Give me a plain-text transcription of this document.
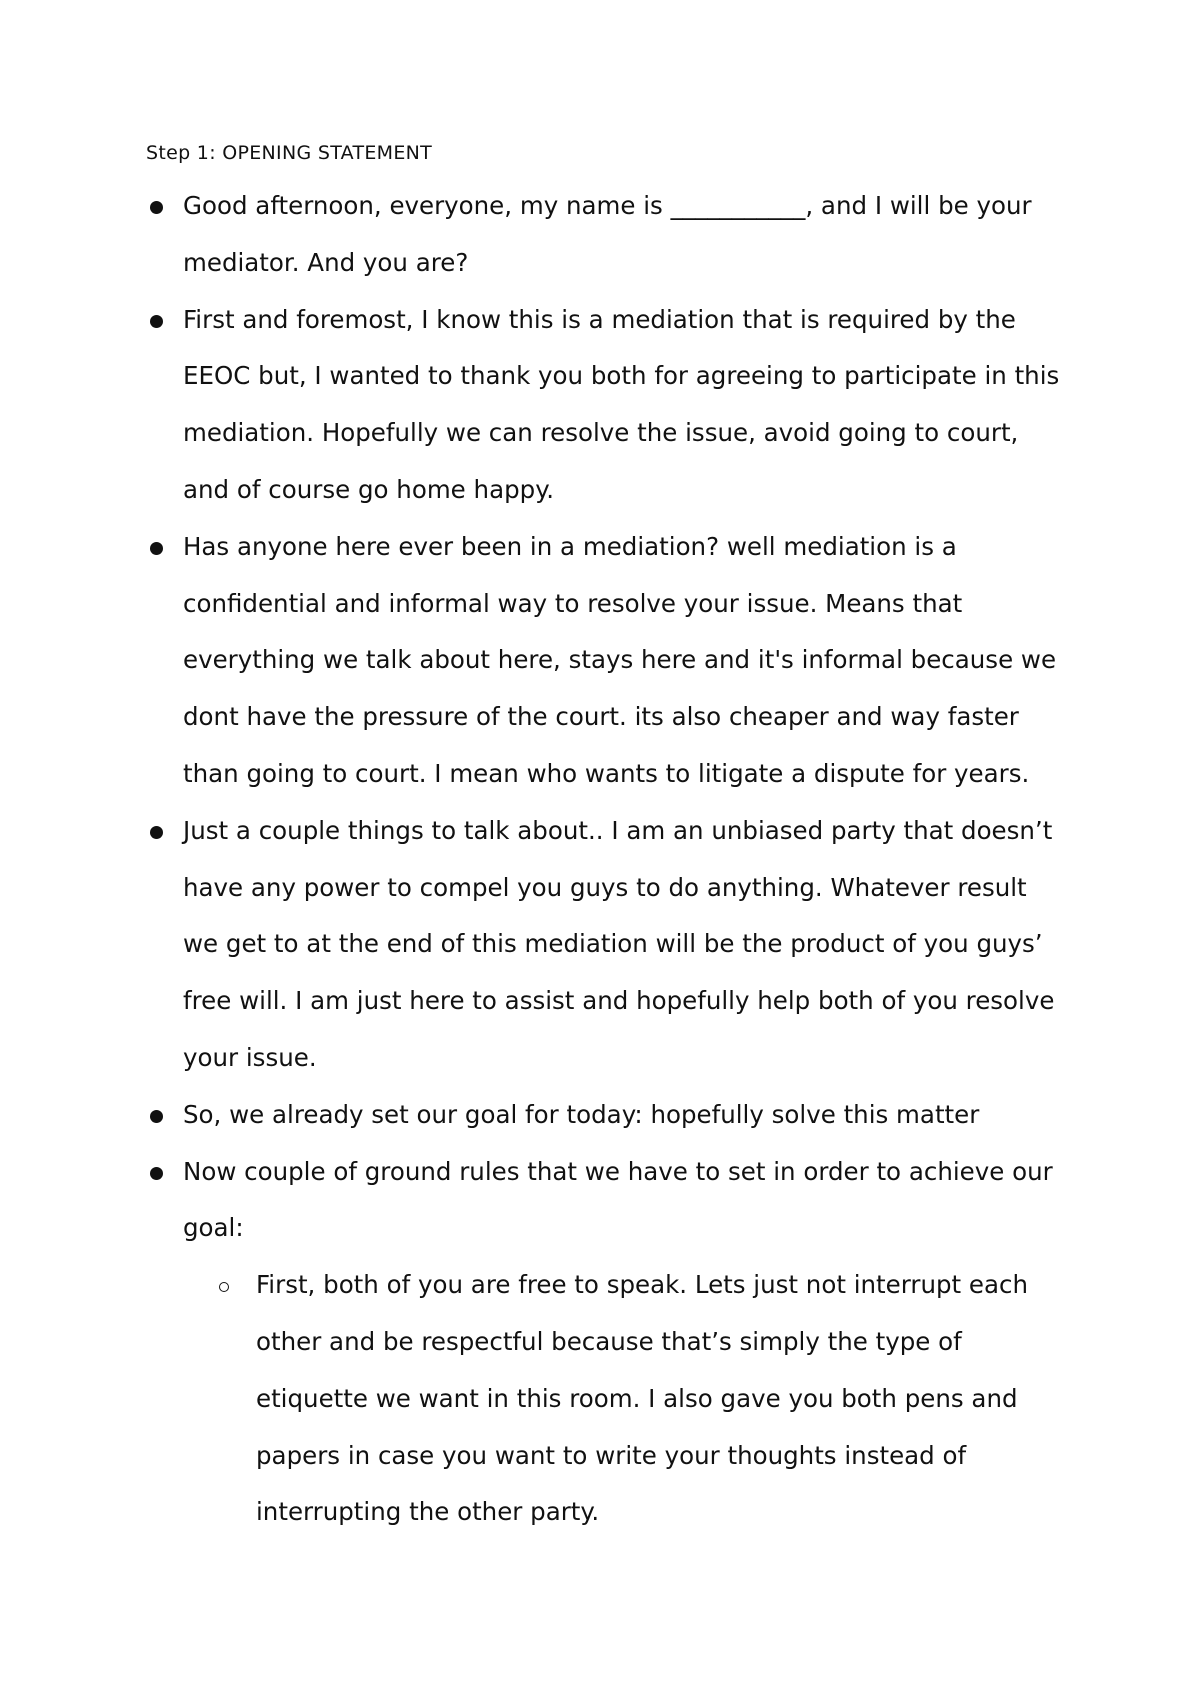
Step 1: OPENING STATEMENT
Good afternoon, everyone, my name is ___________, and I will be your
mediator. And you are?
First and foremost, I know this is a mediation that is required by the
EEOC but, I wanted to thank you both for agreeing to participate in this
mediation. Hopefully we can resolve the issue, avoid going to court,
and of course go home happy.
Has anyone here ever been in a mediation? well mediation is a
confidential and informal way to resolve your issue. Means that
everything we talk about here, stays here and it's informal because we
dont have the pressure of the court. its also cheaper and way faster
than going to court. I mean who wants to litigate a dispute for years.
Just a couple things to talk about.. I am an unbiased party that doesn’t
have any power to compel you guys to do anything. Whatever result
we get to at the end of this mediation will be the product of you guys’
free will. I am just here to assist and hopefully help both of you resolve
your issue.
So, we already set our goal for today: hopefully solve this matter
Now couple of ground rules that we have to set in order to achieve our
goal:
First, both of you are free to speak. Lets just not interrupt each
other and be respectful because that’s simply the type of
etiquette we want in this room. I also gave you both pens and
papers in case you want to write your thoughts instead of
interrupting the other party.
